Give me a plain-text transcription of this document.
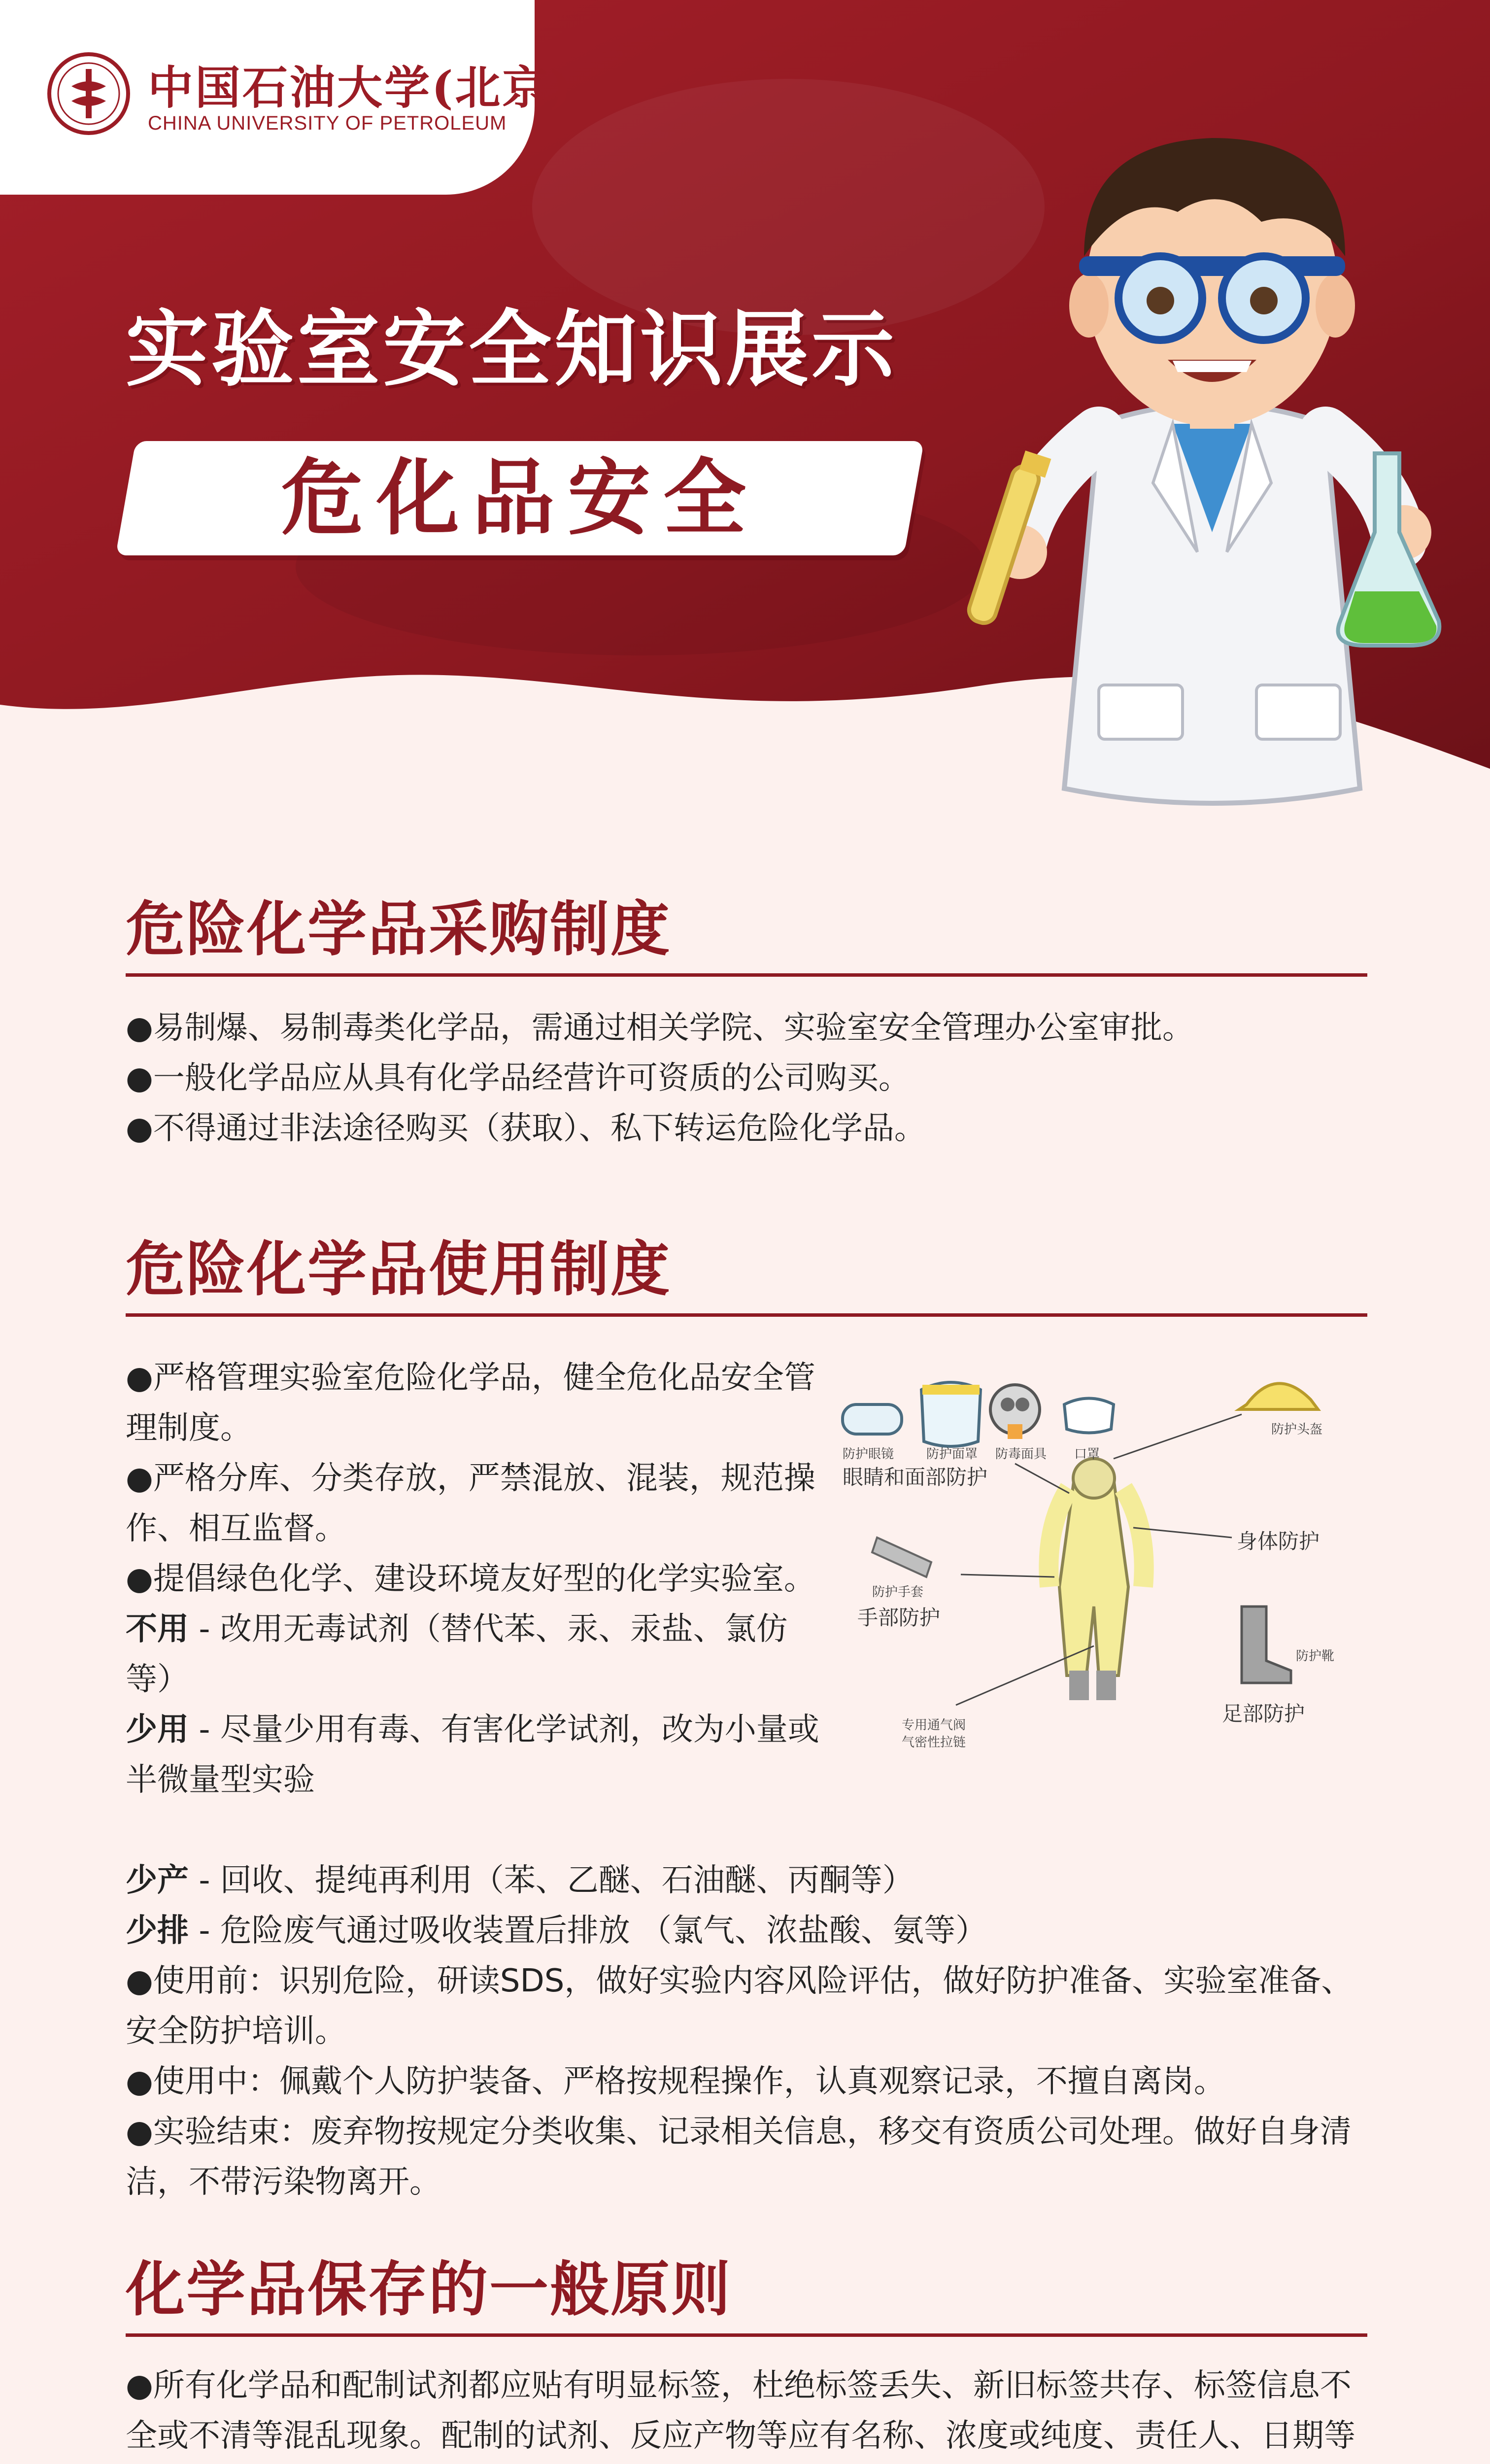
中国石油大学(北京)
CHINA UNIVERSITY OF PETROLEUM
实验室安全知识展示
危化品安全
危险化学品采购制度

●易制爆、易制毒类化学品，需通过相关学院、实验室安全管理办公室审批。

●一般化学品应从具有化学品经营许可资质的公司购买。

●不得通过非法途径购买（获取）、私下转运危险化学品。

危险化学品使用制度

●严格管理实验室危险化学品，健全危化品安全管理制度。

●严格分库、分类存放，严禁混放、混装，规范操作、相互监督。

●提倡绿色化学、建设环境友好型的化学实验室。

不用 - 改用无毒试剂（替代苯、汞、汞盐、氯仿等）

少用 - 尽量少用有毒、有害化学试剂，改为小量或半微量型实验

少产 - 回收、提纯再利用（苯、乙醚、石油醚、丙酮等）

少排 - 危险废气通过吸收装置后排放 （氯气、浓盐酸、氨等）

●使用前：识别危险，研读SDS，做好实验内容风险评估，做好防护准备、实验室准备、安全防护培训。

●使用中：佩戴个人防护装备、严格按规程操作，认真观察记录，不擅自离岗。

●实验结束：废弃物按规定分类收集、记录相关信息，移交有资质公司处理。做好自身清洁，不带污染物离开。

防护眼镜	防护面罩 防毒面具 口罩
防护头盔
眼睛和面部防护
身体防护
防护手套
手部防护
防护靴
足部防护
专用通气阀
气密性拉链
化学品保存的一般原则

●所有化学品和配制试剂都应贴有明显标签，杜绝标签丢失、新旧标签共存、标签信息不全或不清等混乱现象。配制的试剂、反应产物等应有名称、浓度或纯度、责任人、日期等
